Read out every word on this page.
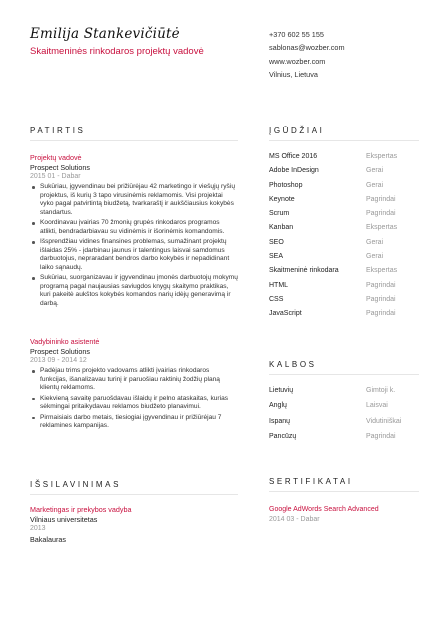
Emilija Stankevičiūtė
Skaitmeninės rinkodaros projektų vadovė
+370 602 55 155
sablonas@wozber.com
www.wozber.com
Vilnius, Lietuva
PATIRTIS	ĮGŪDŽIAI
KALBOS
IŠSILAVINIMAS	SERTIFIKATAI
Projektų vadovė
Prospect Solutions
2015 01 - Dabar
Sukūriau, įgyvendinau bei prižiūrėjau 42 marketingo ir viešųjų ryšių projektus, iš kurių 3 tapo virusinėmis reklamomis. Visi projektai vyko pagal patvirtintą biudžetą, tvarkaraštį ir aukščiausius kokybės standartus.
Koordinavau įvairias 70 žmonių grupės rinkodaros programos atlikti, bendradarbiavau su vidinėmis ir išorinėmis komandomis.
Išsprendžiau vidines finansines problemas, sumažinant projektų išlaidas 25% - įdarbinau jaunus ir talentingus laisvai samdomus darbuotojus, nepraradant bendros darbo kokybės ir nepadidinant laiko sąnaudų.
Sukūriau, suorganizavau ir įgyvendinau įmonės darbuotojų mokymų programą pagal naujausias saviugdos knygų skaitymo praktikas, kuri pakeitė aukštos kokybės komandos narių idėjų generavimą ir darbą.
Vadybininko asistentė
Prospect Solutions
2013 09 - 2014 12
Padėjau trims projekto vadovams atlikti įvairias rinkodaros funkcijas, išanalizavau turinį ir paruošiau raktinių žodžių planą klientų reklamoms.
Kiekvieną savaitę paruošdavau išlaidų ir pelno ataskaitas, kurias sėkmingai pritaikydavau reklamos biudžeto planavimui.
Pirmaisiais darbo metais, tiesiogiai įgyvendinau ir prižiūrėjau 7 reklamines kampanijas.
Marketingas ir prekybos vadyba
Vilniaus universitetas
2013
Bakalauras
MS Office 2016	Ekspertas
Adobe InDesign	Gerai
Photoshop	Gerai
Keynote	Pagrindai
Scrum	Pagrindai
Kanban	Ekspertas
SEO	Gerai
SEA	Gerai
Skaitmeninė rinkodara	Ekspertas
HTML	Pagrindai
CSS	Pagrindai
JavaScript	Pagrindai
Lietuvių	Gimtoji k.
Anglų	Laisvai
Ispanų	Vidutiniškai
Pancūzų	Pagrindai
Google AdWords Search Advanced
2014 03 - Dabar
